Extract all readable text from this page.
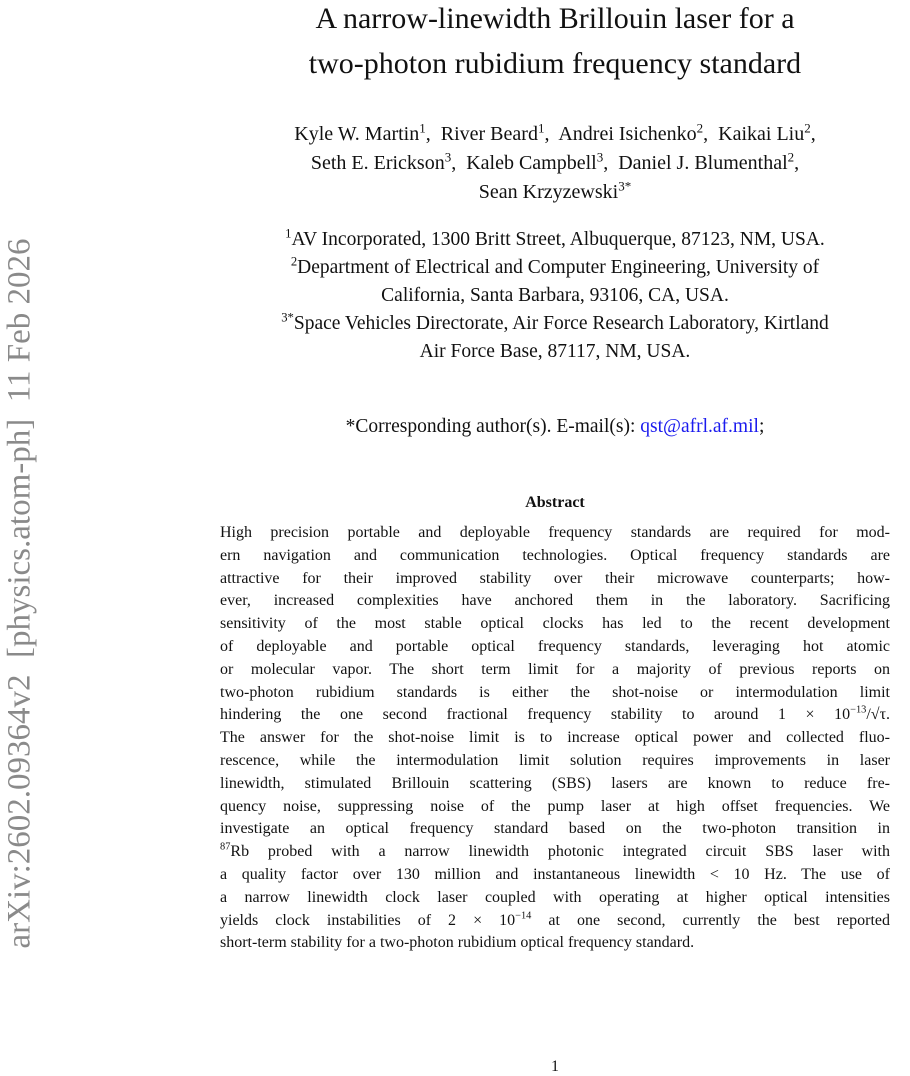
arXiv:2602.09364v2  [physics.atom-ph]  11 Feb 2026
A narrow-linewidth Brillouin laser for a
two-photon rubidium frequency standard
Kyle W. Martin$^1$, River Beard$^1$, Andrei Isichenko$^2$, Kaikai Liu$^2$,
Seth E. Erickson$^3$, Kaleb Campbell$^3$, Daniel J. Blumenthal$^2$,
Sean Krzyzewski$^{3*}$
$^1$AV Incorporated, 1300 Britt Street, Albuquerque, 87123, NM, USA.
$^2$Department of Electrical and Computer Engineering, University of
California, Santa Barbara, 93106, CA, USA.
$^{3*}$Space Vehicles Directorate, Air Force Research Laboratory, Kirtland
Air Force Base, 87117, NM, USA.
*Corresponding author(s). E-mail(s): qst@afrl.af.mil;
Abstract
High precision portable and deployable frequency standards are required for mod-
ern navigation and communication technologies. Optical frequency standards are
attractive for their improved stability over their microwave counterparts; how-
ever, increased complexities have anchored them in the laboratory. Sacrificing
sensitivity of the most stable optical clocks has led to the recent development
of deployable and portable optical frequency standards, leveraging hot atomic
or molecular vapor. The short term limit for a majority of previous reports on
two-photon rubidium standards is either the shot-noise or intermodulation limit
hindering the one second fractional frequency stability to around $1 \times 10^{-13}/√\tau$.
The answer for the shot-noise limit is to increase optical power and collected fluo-
rescence, while the intermodulation limit solution requires improvements in laser
linewidth, stimulated Brillouin scattering (SBS) lasers are known to reduce fre-
quency noise, suppressing noise of the pump laser at high offset frequencies. We
investigate an optical frequency standard based on the two-photon transition in
$^{87}$Rb probed with a narrow linewidth photonic integrated circuit SBS laser with
a quality factor over 130 million and instantaneous linewidth < 10 Hz. The use of
a narrow linewidth clock laser coupled with operating at higher optical intensities
yields clock instabilities of $2 \times 10^{-14}$ at one second, currently the best reported
short-term stability for a two-photon rubidium optical frequency standard.
1
